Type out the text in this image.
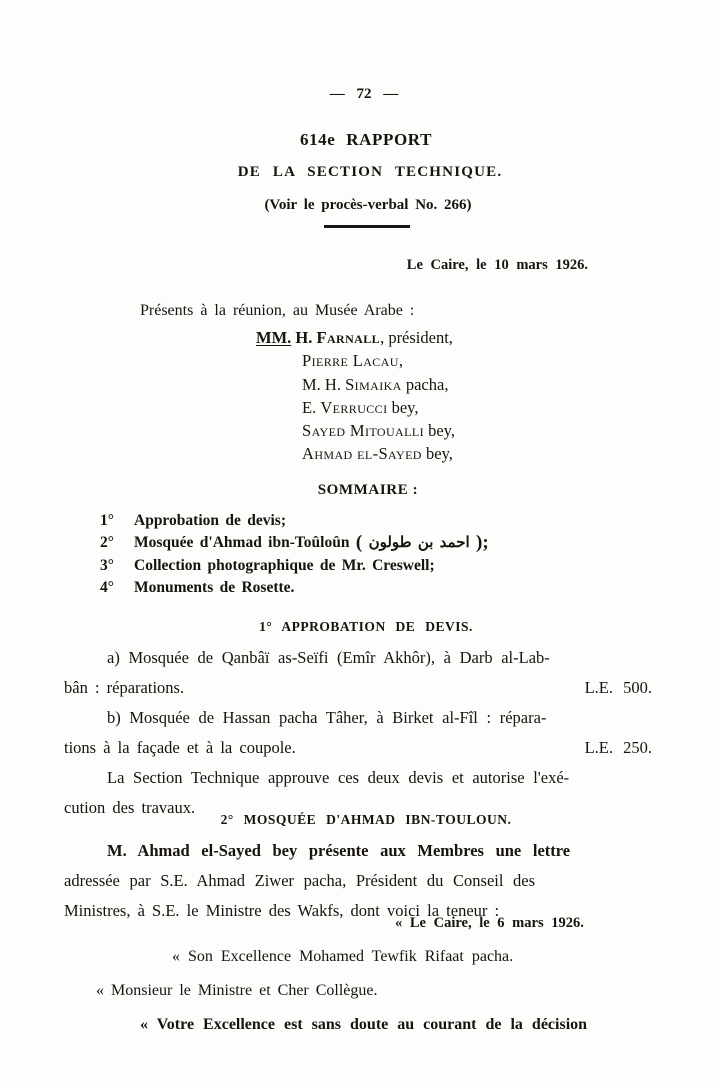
— 72 —
614e RAPPORT
DE LA SECTION TECHNIQUE.
(Voir le procès-verbal No. 266)
Le Caire, le 10 mars 1926.
Présents à la réunion, au Musée Arabe :
MM. H. Farnall, président,
Pierre Lacau,
M. H. Simaika pacha,
E. Verrucci bey,
Sayed Mitoualli bey,
Ahmad el-Sayed bey,
SOMMAIRE :
1° Approbation de devis;
2° Mosquée d'Ahmad ibn-Toûloûn ( احمد بن طولون );
3° Collection photographique de Mr. Creswell;
4° Monuments de Rosette.
1° APPROBATION DE DEVIS.
a) Mosquée de Qanbâï as-Seïfi (Emîr Akhôr), à Darb al-Lab-
bân : réparations.	L.E. 500.
b) Mosquée de Hassan pacha Tâher, à Birket al-Fîl : répara-
tions à la façade et à la coupole.	L.E. 250.
La Section Technique approuve ces deux devis et autorise l'exé-
cution des travaux.
2° MOSQUÉE D'AHMAD IBN-TOULOUN.
M. Ahmad el-Sayed bey présente aux Membres une lettre
adressée par S.E. Ahmad Ziwer pacha, Président du Conseil des
Ministres, à S.E. le Ministre des Wakfs, dont voici la teneur :
« Le Caire, le 6 mars 1926.
« Son Excellence Mohamed Tewfik Rifaat pacha.
« Monsieur le Ministre et Cher Collègue.
« Votre Excellence est sans doute au courant de la décision
